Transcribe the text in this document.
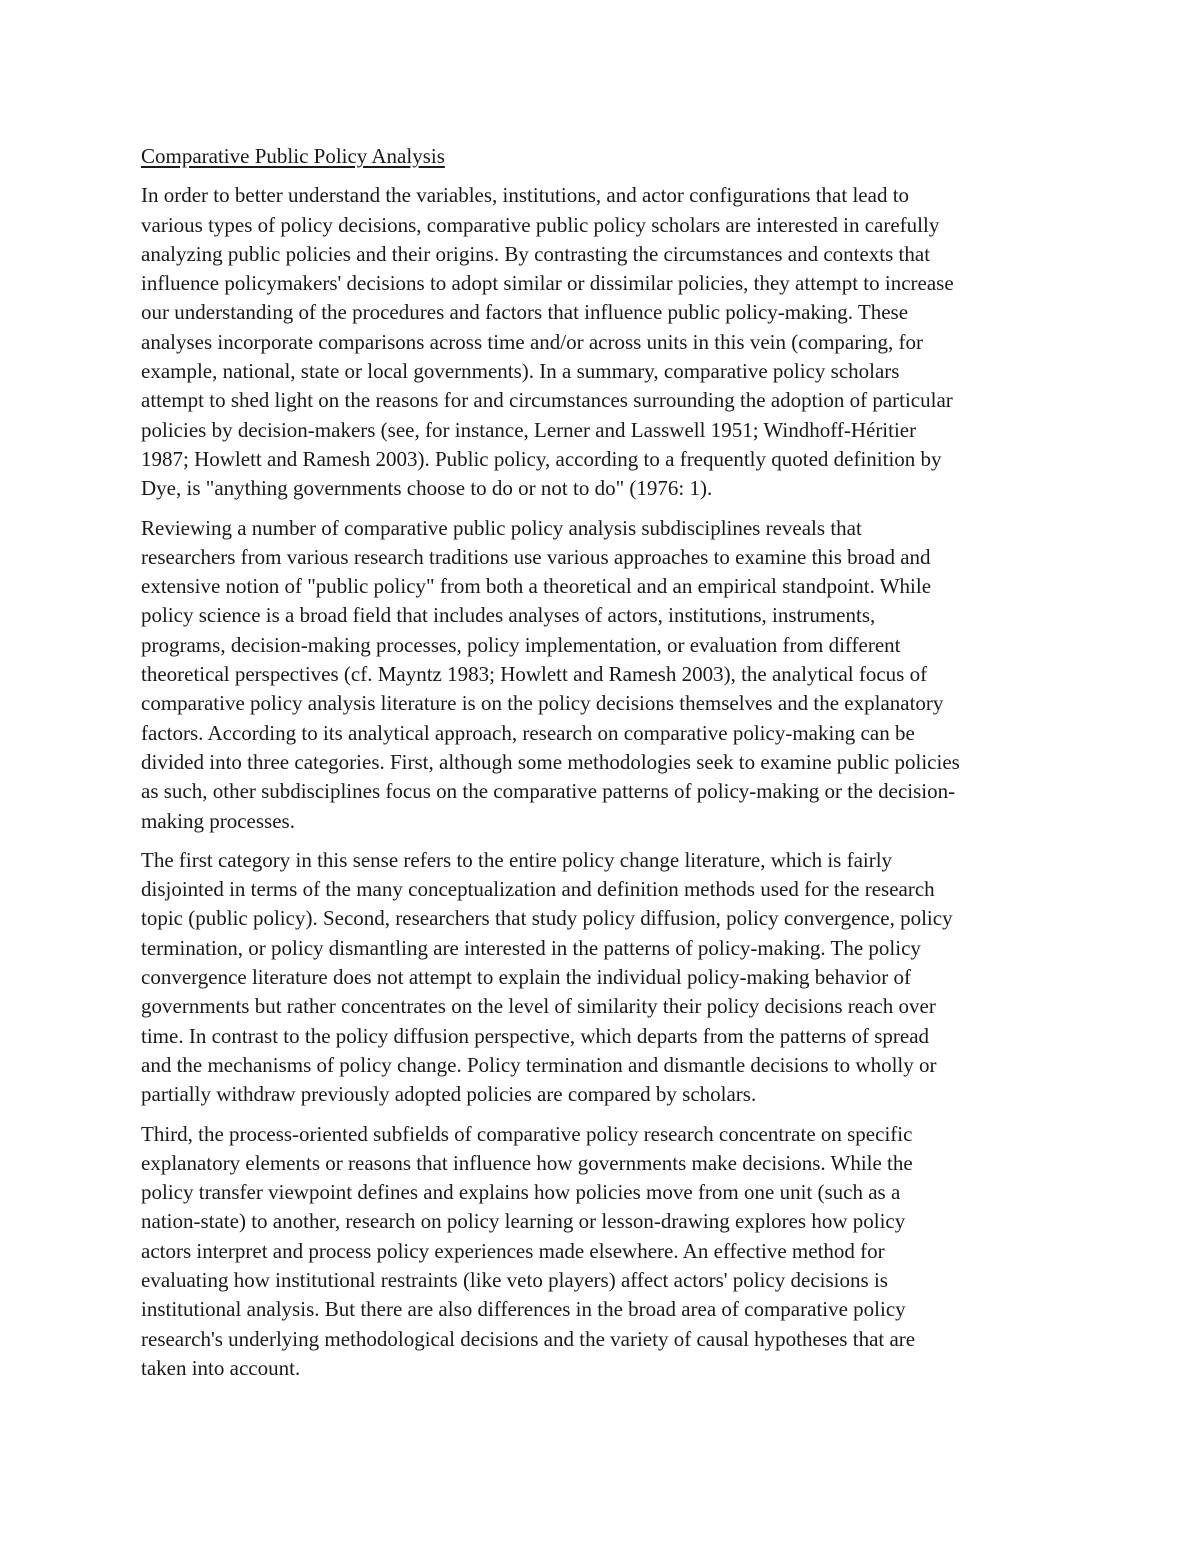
Comparative Public Policy Analysis
In order to better understand the variables, institutions, and actor configurations that lead to
various types of policy decisions, comparative public policy scholars are interested in carefully
analyzing public policies and their origins. By contrasting the circumstances and contexts that
influence policymakers' decisions to adopt similar or dissimilar policies, they attempt to increase
our understanding of the procedures and factors that influence public policy-making. These
analyses incorporate comparisons across time and/or across units in this vein (comparing, for
example, national, state or local governments). In a summary, comparative policy scholars
attempt to shed light on the reasons for and circumstances surrounding the adoption of particular
policies by decision-makers (see, for instance, Lerner and Lasswell 1951; Windhoff-Héritier
1987; Howlett and Ramesh 2003). Public policy, according to a frequently quoted definition by
Dye, is "anything governments choose to do or not to do" (1976: 1).
Reviewing a number of comparative public policy analysis subdisciplines reveals that
researchers from various research traditions use various approaches to examine this broad and
extensive notion of "public policy" from both a theoretical and an empirical standpoint. While
policy science is a broad field that includes analyses of actors, institutions, instruments,
programs, decision-making processes, policy implementation, or evaluation from different
theoretical perspectives (cf. Mayntz 1983; Howlett and Ramesh 2003), the analytical focus of
comparative policy analysis literature is on the policy decisions themselves and the explanatory
factors. According to its analytical approach, research on comparative policy-making can be
divided into three categories. First, although some methodologies seek to examine public policies
as such, other subdisciplines focus on the comparative patterns of policy-making or the decision-
making processes.
The first category in this sense refers to the entire policy change literature, which is fairly
disjointed in terms of the many conceptualization and definition methods used for the research
topic (public policy). Second, researchers that study policy diffusion, policy convergence, policy
termination, or policy dismantling are interested in the patterns of policy-making. The policy
convergence literature does not attempt to explain the individual policy-making behavior of
governments but rather concentrates on the level of similarity their policy decisions reach over
time. In contrast to the policy diffusion perspective, which departs from the patterns of spread
and the mechanisms of policy change. Policy termination and dismantle decisions to wholly or
partially withdraw previously adopted policies are compared by scholars.
Third, the process-oriented subfields of comparative policy research concentrate on specific
explanatory elements or reasons that influence how governments make decisions. While the
policy transfer viewpoint defines and explains how policies move from one unit (such as a
nation-state) to another, research on policy learning or lesson-drawing explores how policy
actors interpret and process policy experiences made elsewhere. An effective method for
evaluating how institutional restraints (like veto players) affect actors' policy decisions is
institutional analysis. But there are also differences in the broad area of comparative policy
research's underlying methodological decisions and the variety of causal hypotheses that are
taken into account.
